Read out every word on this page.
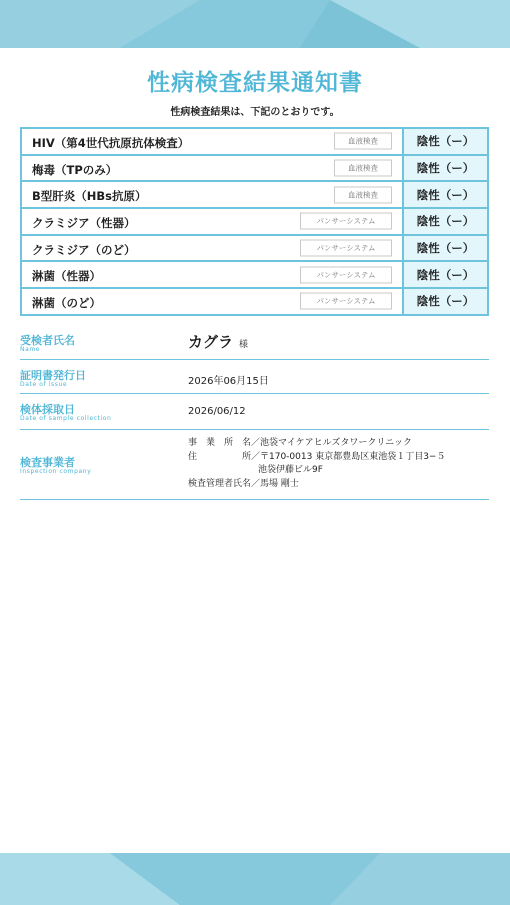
性病検査結果通知書
性病検査結果は、下記のとおりです。
HIV（第4世代抗原抗体検査） 血液検査	陰性（ー）
梅毒（TPのみ） 血液検査	陰性（ー）
B型肝炎（HBs抗原） 血液検査	陰性（ー）
クラミジア（性器） パンサーシステム	陰性（ー）
クラミジア（のど） パンサーシステム	陰性（ー）
淋菌（性器） パンサーシステム	陰性（ー）
淋菌（のど） パンサーシステム	陰性（ー）
受検者氏名
Name	カグラ 様
証明書発行日
Date of issue	2026年06月15日
検体採取日
Date of sample collection
2026/06/12
検査事業者
Inspection company
事　業　所　名／池袋マイケアヒルズタワークリニック
住　　　　　所／〒170-0013 東京都豊島区東池袋１丁目3−５
池袋伊藤ビル9F
検査管理者氏名／馬場 剛士
